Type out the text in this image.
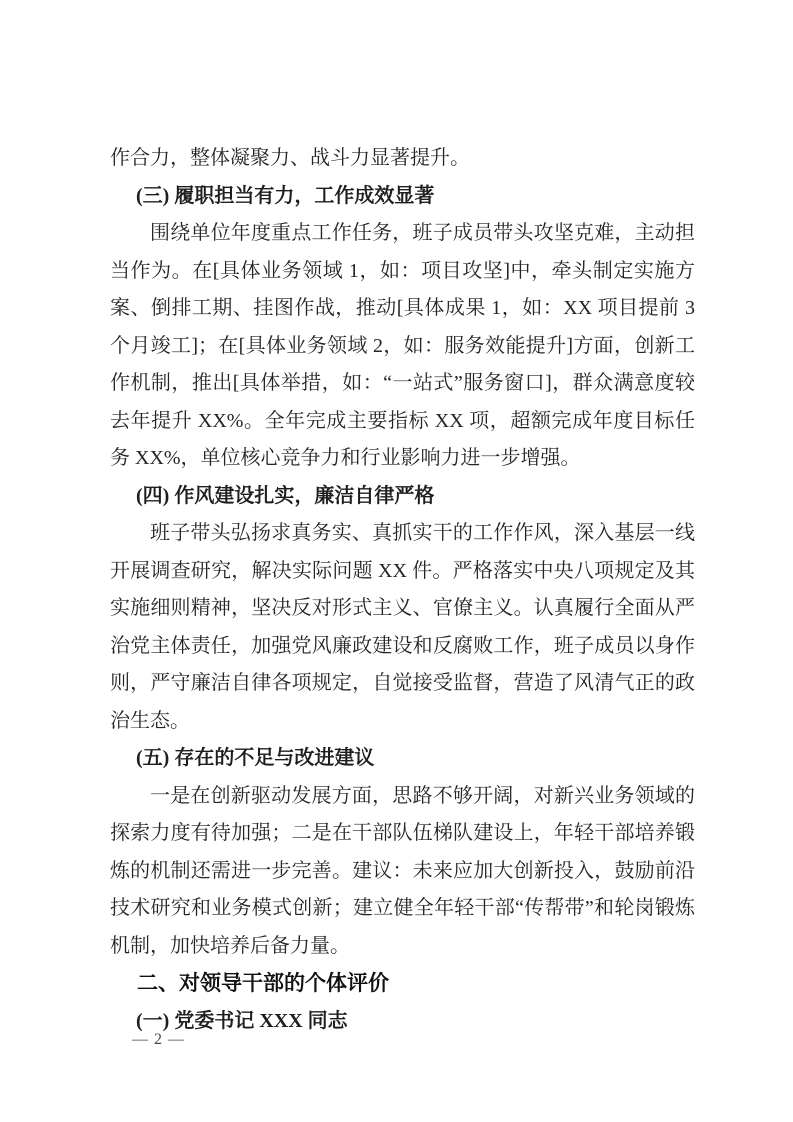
作合力，整体凝聚力、战斗力显著提升。

(三) 履职担当有力，工作成效显著

围绕单位年度重点工作任务，班子成员带头攻坚克难，主动担当作为。在[具体业务领域 1，如：项目攻坚]中，牵头制定实施方案、倒排工期、挂图作战，推动[具体成果 1，如：XX 项目提前 3 个月竣工]；在[具体业务领域 2，如：服务效能提升]方面，创新工作机制，推出[具体举措，如：“一站式”服务窗口]，群众满意度较去年提升 XX%。全年完成主要指标 XX 项，超额完成年度目标任务 XX%，单位核心竞争力和行业影响力进一步增强。

(四) 作风建设扎实，廉洁自律严格

班子带头弘扬求真务实、真抓实干的工作作风，深入基层一线开展调查研究，解决实际问题 XX 件。严格落实中央八项规定及其实施细则精神，坚决反对形式主义、官僚主义。认真履行全面从严治党主体责任，加强党风廉政建设和反腐败工作，班子成员以身作则，严守廉洁自律各项规定，自觉接受监督，营造了风清气正的政治生态。

(五) 存在的不足与改进建议

一是在创新驱动发展方面，思路不够开阔，对新兴业务领域的探索力度有待加强；二是在干部队伍梯队建设上，年轻干部培养锻炼的机制还需进一步完善。建议：未来应加大创新投入，鼓励前沿技术研究和业务模式创新；建立健全年轻干部“传帮带”和轮岗锻炼机制，加快培养后备力量。

二、对领导干部的个体评价

(一) 党委书记 XXX 同志

— 2 —
